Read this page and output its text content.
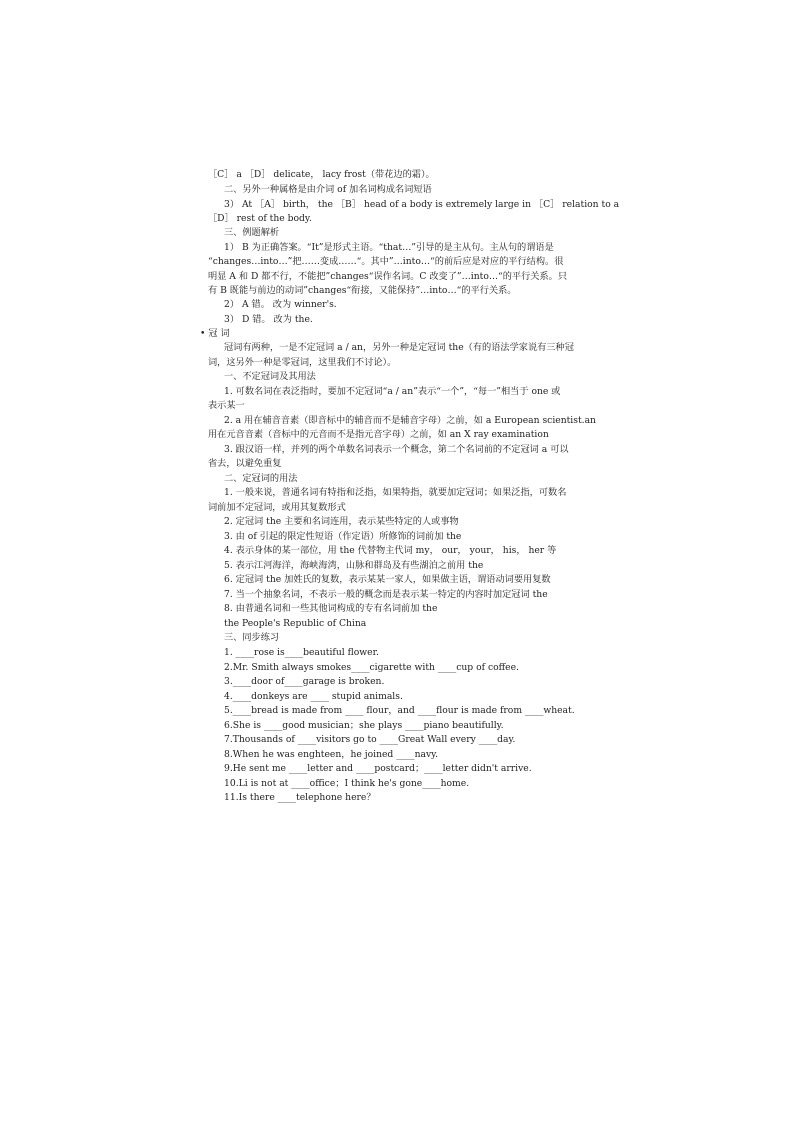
［C］ a ［D］ delicate， lacy frost（带花边的霜）。
二、另外一种属格是由介词 of 加名词构成名词短语
3） At ［A］ birth， the ［B］ head of a body is extremely large in ［C］ relation to a
［D］ rest of the body.
三、例题解析
1） B 为正确答案。“It”是形式主语。“that…”引导的是主从句。主从句的谓语是
“changes…into…”把……变成……“。其中”…into…“的前后应是对应的平行结构。很
明显 A 和 D 都不行，不能把”changes“误作名词。C 改变了”…into…“的平行关系。只
有 B 既能与前边的动词”changes“衔接，又能保持”…into…“的平行关系。
2） A 错。 改为 winner's.
3） D 错。 改为 the.
• 冠 词
冠词有两种，一是不定冠词 a / an，另外一种是定冠词 the（有的语法学家说有三种冠
词，这另外一种是零冠词，这里我们不讨论）。
一、不定冠词及其用法
1. 可数名词在表泛指时，要加不定冠词“a / an”表示“一个”，“每一”相当于 one 或
表示某一
2. a 用在辅音音素（即音标中的辅音而不是辅音字母）之前，如 a European scientist.an
用在元音音素（音标中的元音而不是指元音字母）之前，如 an X ray examination
3. 跟汉语一样，并列的两个单数名词表示一个概念，第二个名词前的不定冠词 a 可以
省去，以避免重复
二、定冠词的用法
1. 一般来说，普通名词有特指和泛指，如果特指，就要加定冠词；如果泛指，可数名
词前加不定冠词，或用其复数形式
2. 定冠词 the 主要和名词连用，表示某些特定的人或事物
3. 由 of 引起的限定性短语（作定语）所修饰的词前加 the
4. 表示身体的某一部位，用 the 代替物主代词 my， our， your， his， her 等
5. 表示江河海洋，海峡海湾，山脉和群岛及有些湖泊之前用 the
6. 定冠词 the 加姓氏的复数，表示某某一家人，如果做主语，谓语动词要用复数
7. 当一个抽象名词，不表示一般的概念而是表示某一特定的内容时加定冠词 the
8. 由普通名词和一些其他词构成的专有名词前加 the
the People's Republic of China
三、同步练习
1. ____rose is____beautiful flower.
2.Mr. Smith always smokes____cigarette with ____cup of coffee.
3.____door of____garage is broken.
4.____donkeys are ____ stupid animals.
5.____bread is made from ____ flour，and ____flour is made from ____wheat.
6.She is ____good musician；she plays ____piano beautifully.
7.Thousands of ____visitors go to ____Great Wall every ____day.
8.When he was enghteen，he joined ____navy.
9.He sent me ____letter and ____postcard；____letter didn't arrive.
10.Li is not at ____office；I think he's gone____home.
11.Is there ____telephone here？
